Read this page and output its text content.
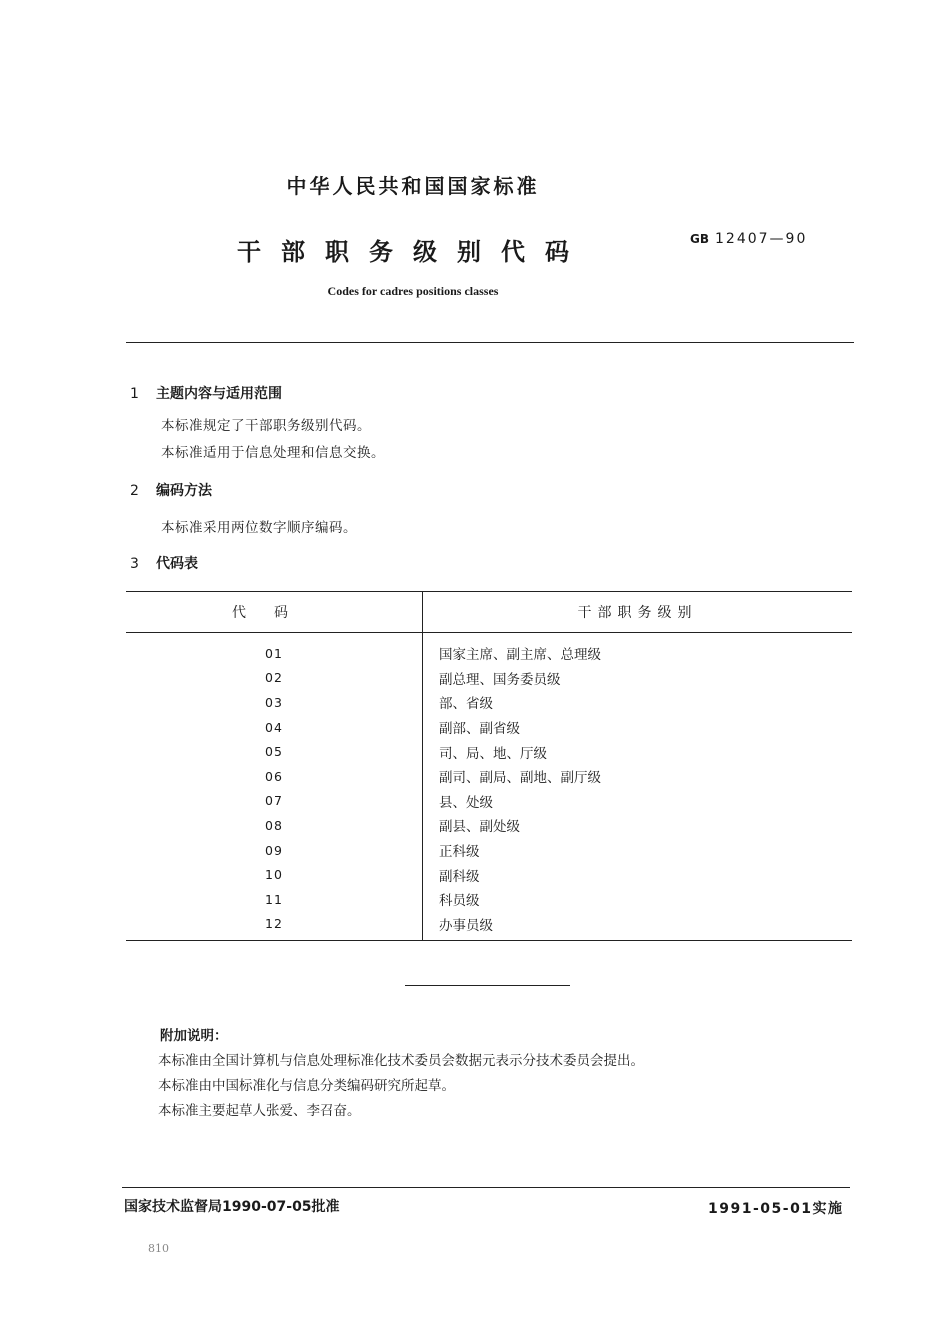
中华人民共和国国家标准
干部职务级别代码	GB 12407—90
Codes for cadres positions classes
1 主题内容与适用范围
本标准规定了干部职务级别代码。
本标准适用于信息处理和信息交换。
2 编码方法
本标准采用两位数字顺序编码。
3 代码表
代码	干部职务级别
01	国家主席、副主席、总理级
02	副总理、国务委员级
03	部、省级
04	副部、副省级
05	司、局、地、厅级
06	副司、副局、副地、副厅级
07	县、处级
08	副县、副处级
09	正科级
10	副科级
11	科员级
12	办事员级
附加说明：
本标准由全国计算机与信息处理标准化技术委员会数据元表示分技术委员会提出。
本标准由中国标准化与信息分类编码研究所起草。
本标准主要起草人张爱、李召奋。
国家技术监督局1990-07-05批准	1991-05-01实施
810
